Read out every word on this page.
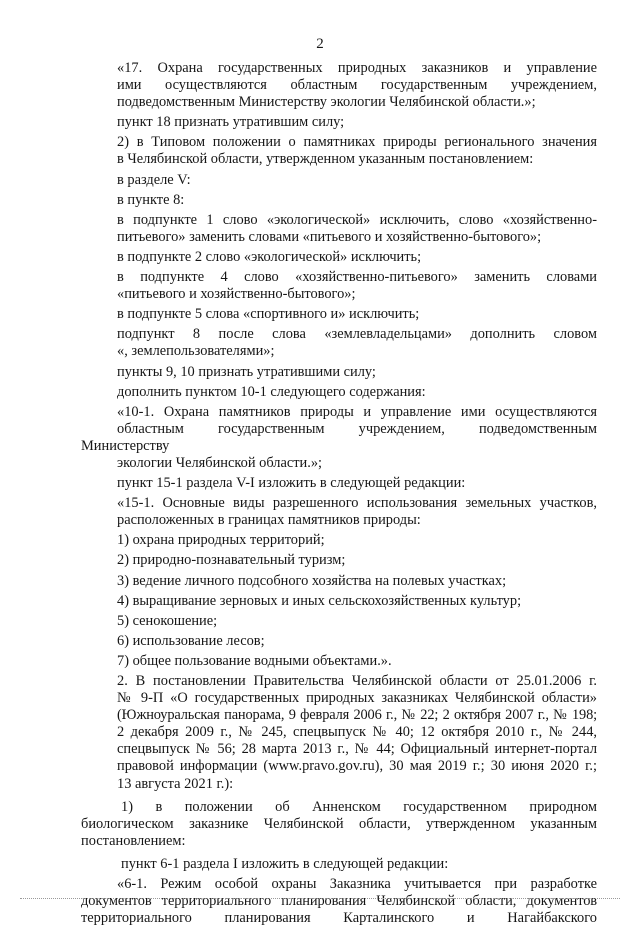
2
«17. Охрана государственных природных заказников и управление
ими осуществляются областным государственным учреждением,
подведомственным Министерству экологии Челябинской области.»;
пункт 18 признать утратившим силу;
2) в Типовом положении о памятниках природы регионального значения
в Челябинской области, утвержденном указанным постановлением:
в разделе V:
в пункте 8:
в подпункте 1 слово «экологической» исключить, слово «хозяйственно-
питьевого» заменить словами «питьевого и хозяйственно-бытового»;
в подпункте 2 слово «экологической» исключить;
в подпункте 4 слово «хозяйственно-питьевого» заменить словами
«питьевого и хозяйственно-бытового»;
в подпункте 5 слова «спортивного и» исключить;
подпункт 8 после слова «землевладельцами» дополнить словом
«, землепользователями»;
пункты 9, 10 признать утратившими силу;
дополнить пунктом 10-1 следующего содержания:
«10-1. Охрана памятников природы и управление ими осуществляются
областным государственным учреждением, подведомственным Министерству
экологии Челябинской области.»;
пункт 15-1 раздела V-I изложить в следующей редакции:
«15-1. Основные виды разрешенного использования земельных участков,
расположенных в границах памятников природы:
1) охрана природных территорий;
2) природно-познавательный туризм;
3) ведение личного подсобного хозяйства на полевых участках;
4) выращивание зерновых и иных сельскохозяйственных культур;
5) сенокошение;
6) использование лесов;
7) общее пользование водными объектами.».
2. В постановлении Правительства Челябинской области от 25.01.2006 г.
№ 9-П «О государственных природных заказниках Челябинской области»
(Южноуральская панорама, 9 февраля 2006 г., № 22; 2 октября 2007 г., № 198;
2 декабря 2009 г., № 245, спецвыпуск № 40; 12 октября 2010 г., № 244,
спецвыпуск № 56; 28 марта 2013 г., № 44; Официальный интернет-портал
правовой информации (www.pravo.gov.ru), 30 мая 2019 г.; 30 июня 2020 г.;
13 августа 2021 г.):
1) в положении об Анненском государственном природном
биологическом заказнике Челябинской области, утвержденном указанным
постановлением:
пункт 6-1 раздела I изложить в следующей редакции:
«6-1. Режим особой охраны Заказника учитывается при разработке
документов территориального планирования Челябинской области, документов
территориального планирования Карталинского и Нагайбакского
